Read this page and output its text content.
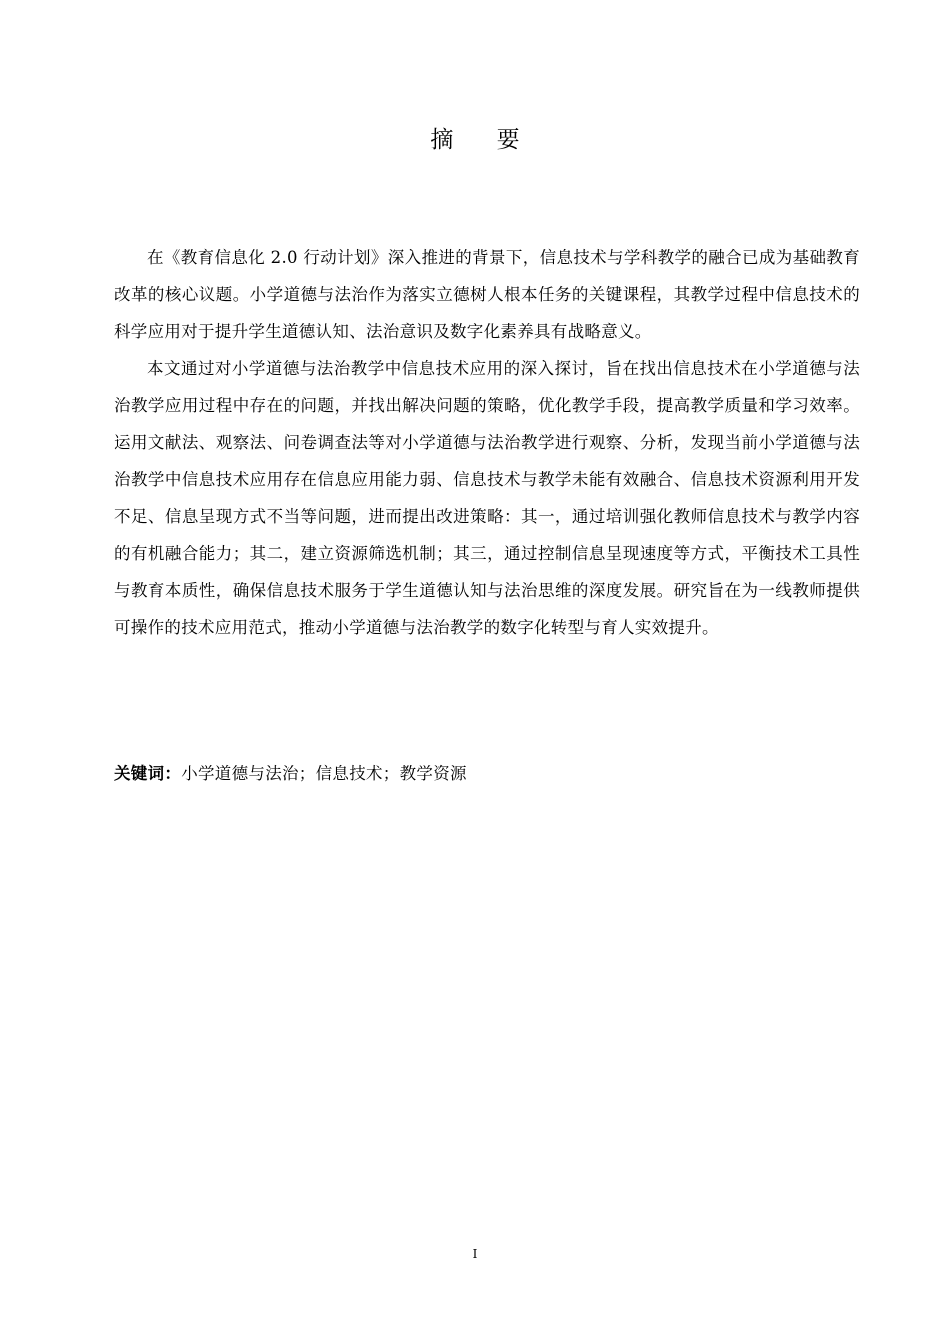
摘 要

在《教育信息化 2.0 行动计划》深入推进的背景下，信息技术与学科教学的融合已成为基础教育改革的核心议题。小学道德与法治作为落实立德树人根本任务的关键课程，其教学过程中信息技术的科学应用对于提升学生道德认知、法治意识及数字化素养具有战略意义。

本文通过对小学道德与法治教学中信息技术应用的深入探讨，旨在找出信息技术在小学道德与法治教学应用过程中存在的问题，并找出解决问题的策略，优化教学手段，提高教学质量和学习效率。运用文献法、观察法、问卷调查法等对小学道德与法治教学进行观察、分析，发现当前小学道德与法治教学中信息技术应用存在信息应用能力弱、信息技术与教学未能有效融合、信息技术资源利用开发不足、信息呈现方式不当等问题，进而提出改进策略：其一，通过培训强化教师信息技术与教学内容的有机融合能力；其二，建立资源筛选机制；其三，通过控制信息呈现速度等方式，平衡技术工具性与教育本质性，确保信息技术服务于学生道德认知与法治思维的深度发展。研究旨在为一线教师提供可操作的技术应用范式，推动小学道德与法治教学的数字化转型与育人实效提升。

关键词：小学道德与法治；信息技术；教学资源
I
